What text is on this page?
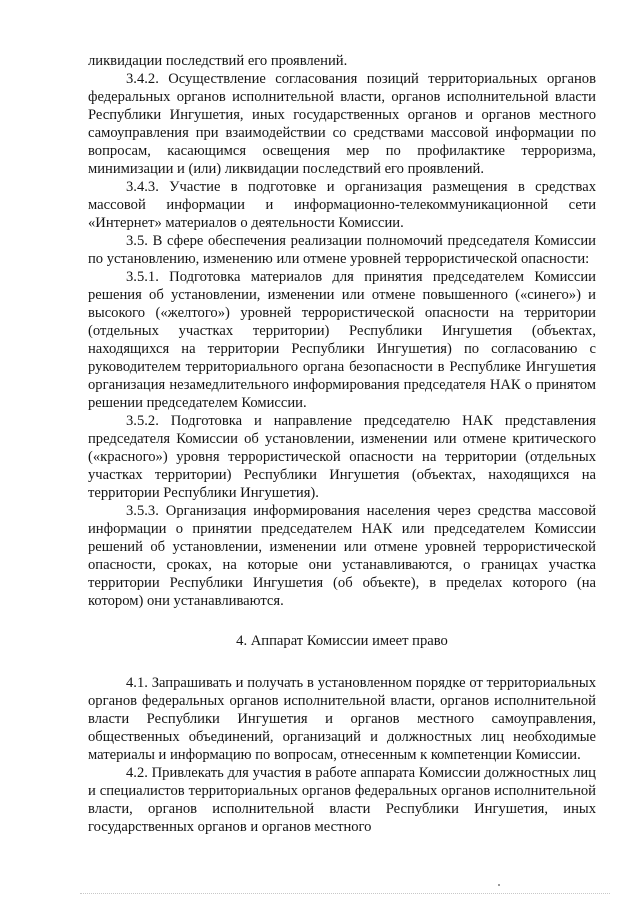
ликвидации последствий его проявлений.

3.4.2. Осуществление согласования позиций территориальных органов федеральных органов исполнительной власти, органов исполнительной власти Республики Ингушетия, иных государственных органов и органов местного самоуправления при взаимодействии со средствами массовой информации по вопросам, касающимся освещения мер по профилактике терроризма, минимизации и (или) ликвидации последствий его проявлений.

3.4.3. Участие в подготовке и организация размещения в средствах массовой информации и информационно-телекоммуникационной сети «Интернет» материалов о деятельности Комиссии.

3.5. В сфере обеспечения реализации полномочий председателя Комиссии по установлению, изменению или отмене уровней террористической опасности:

3.5.1. Подготовка материалов для принятия председателем Комиссии решения об установлении, изменении или отмене повышенного («синего») и высокого («желтого») уровней террористической опасности на территории (отдельных участках территории) Республики Ингушетия (объектах, находящихся на территории Республики Ингушетия) по согласованию с руководителем территориального органа безопасности в Республике Ингушетия организация незамедлительного информирования председателя НАК о принятом решении председателем Комиссии.

3.5.2. Подготовка и направление председателю НАК представления председателя Комиссии об установлении, изменении или отмене критического («красного») уровня террористической опасности на территории (отдельных участках территории) Республики Ингушетия (объектах, находящихся на территории Республики Ингушетия).

3.5.3. Организация информирования населения через средства массовой информации о принятии председателем НАК или председателем Комиссии решений об установлении, изменении или отмене уровней террористической опасности, сроках, на которые они устанавливаются, о границах участка территории Республики Ингушетия (об объекте), в пределах которого (на котором) они устанавливаются.

4. Аппарат Комиссии имеет право

4.1. Запрашивать и получать в установленном порядке от территориальных органов федеральных органов исполнительной власти, органов исполнительной власти Республики Ингушетия и органов местного самоуправления, общественных объединений, организаций и должностных лиц необходимые материалы и информацию по вопросам, отнесенным к компетенции Комиссии.

4.2. Привлекать для участия в работе аппарата Комиссии должностных лиц и специалистов территориальных органов федеральных органов исполнительной власти, органов исполнительной власти Республики Ингушетия, иных государственных органов и органов местного
